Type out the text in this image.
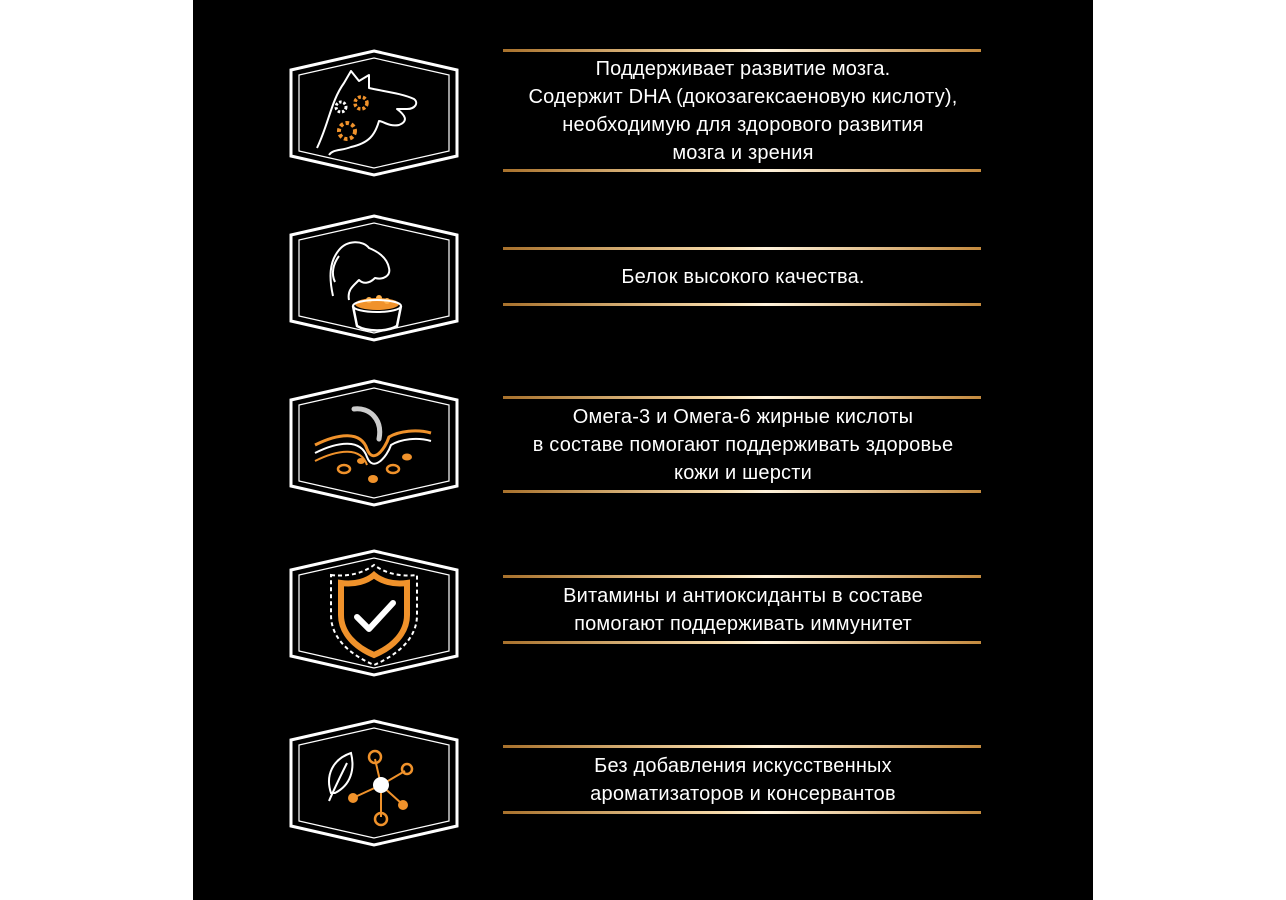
Поддерживает развитие мозга.
Содержит DHA (докозагексаеновую кислоту),
необходимую для здорового развития
мозга и зрения
Белок высокого качества.
Омега-3 и Омега-6 жирные кислоты
в составе помогают поддерживать здоровье
кожи и шерсти
Витамины и антиоксиданты в составе
помогают поддерживать иммунитет
Без добавления искусственных
ароматизаторов и консервантов
